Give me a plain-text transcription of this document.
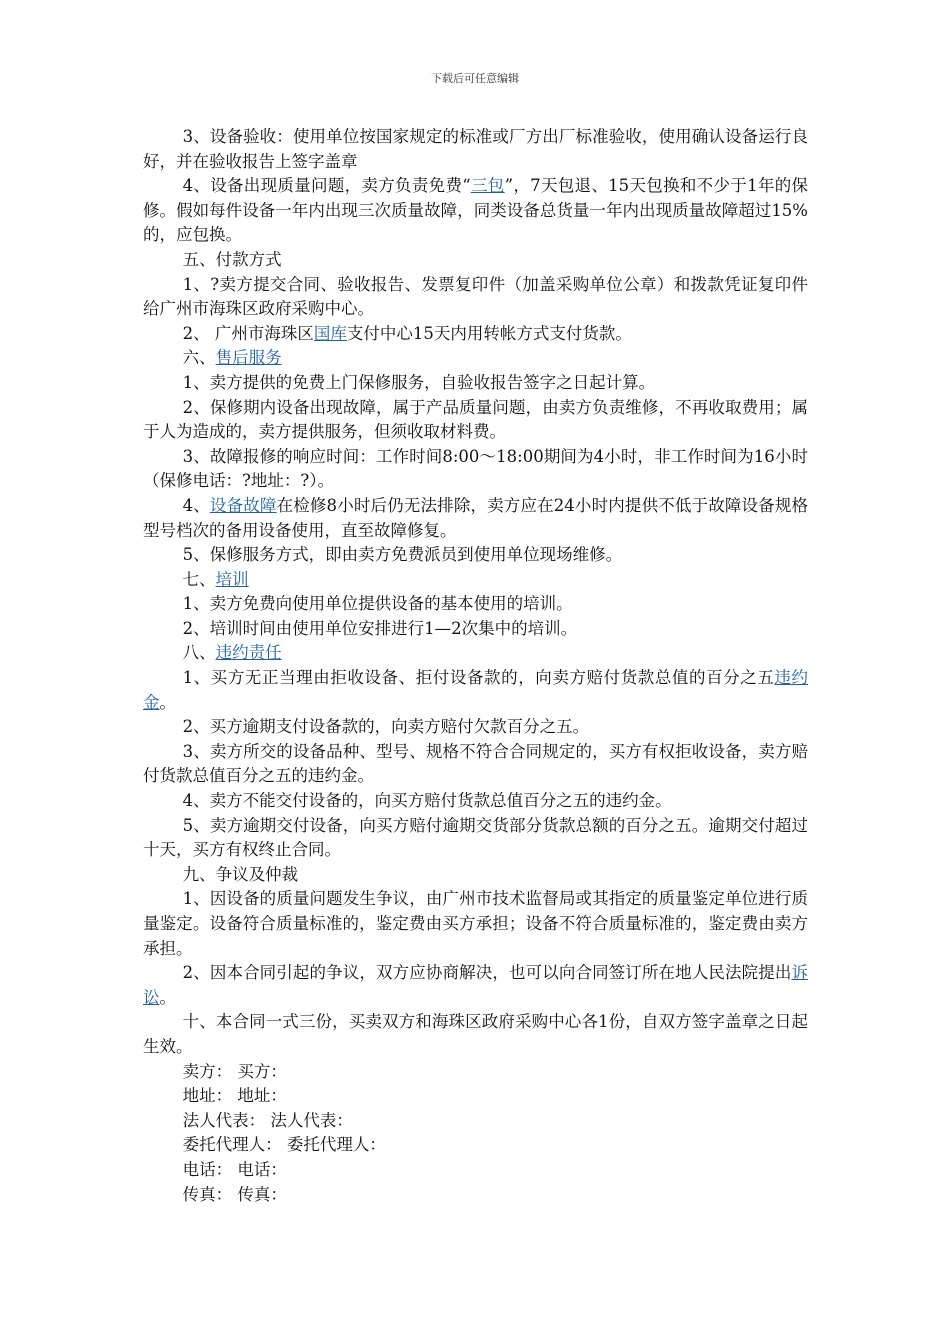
下载后可任意编辑

3、设备验收：使用单位按国家规定的标准或厂方出厂标准验收，使用确认设备运行良好，并在验收报告上签字盖章

4、设备出现质量问题，卖方负责免费“三包”，7天包退、15天包换和不少于1年的保修。假如每件设备一年内出现三次质量故障，同类设备总货量一年内出现质量故障超过15%的，应包换。

五、付款方式

1、?卖方提交合同、验收报告、发票复印件（加盖采购单位公章）和拨款凭证复印件给广州市海珠区政府采购中心。

2、 广州市海珠区国库支付中心15天内用转帐方式支付货款。

六、售后服务

1、卖方提供的免费上门保修服务，自验收报告签字之日起计算。

2、保修期内设备出现故障，属于产品质量问题，由卖方负责维修，不再收取费用；属于人为造成的，卖方提供服务，但须收取材料费。

3、故障报修的响应时间：工作时间8:00～18:00期间为4小时，非工作时间为16小时（保修电话：?地址：?）。

4、设备故障在检修8小时后仍无法排除，卖方应在24小时内提供不低于故障设备规格型号档次的备用设备使用，直至故障修复。

5、保修服务方式，即由卖方免费派员到使用单位现场维修。

七、培训

1、卖方免费向使用单位提供设备的基本使用的培训。

2、培训时间由使用单位安排进行1—2次集中的培训。

八、违约责任

1、买方无正当理由拒收设备、拒付设备款的，向卖方赔付货款总值的百分之五违约金。

2、买方逾期支付设备款的，向卖方赔付欠款百分之五。

3、卖方所交的设备品种、型号、规格不符合合同规定的，买方有权拒收设备，卖方赔付货款总值百分之五的违约金。

4、卖方不能交付设备的，向买方赔付货款总值百分之五的违约金。

5、卖方逾期交付设备，向买方赔付逾期交货部分货款总额的百分之五。逾期交付超过十天，买方有权终止合同。

九、争议及仲裁

1、因设备的质量问题发生争议，由广州市技术监督局或其指定的质量鉴定单位进行质量鉴定。设备符合质量标准的，鉴定费由买方承担；设备不符合质量标准的，鉴定费由卖方承担。

2、因本合同引起的争议，双方应协商解决，也可以向合同签订所在地人民法院提出诉讼。

十、本合同一式三份，买卖双方和海珠区政府采购中心各1份，自双方签字盖章之日起生效。

卖方： 买方：

地址： 地址：

法人代表： 法人代表：

委托代理人： 委托代理人：

电话： 电话：

传真： 传真：
